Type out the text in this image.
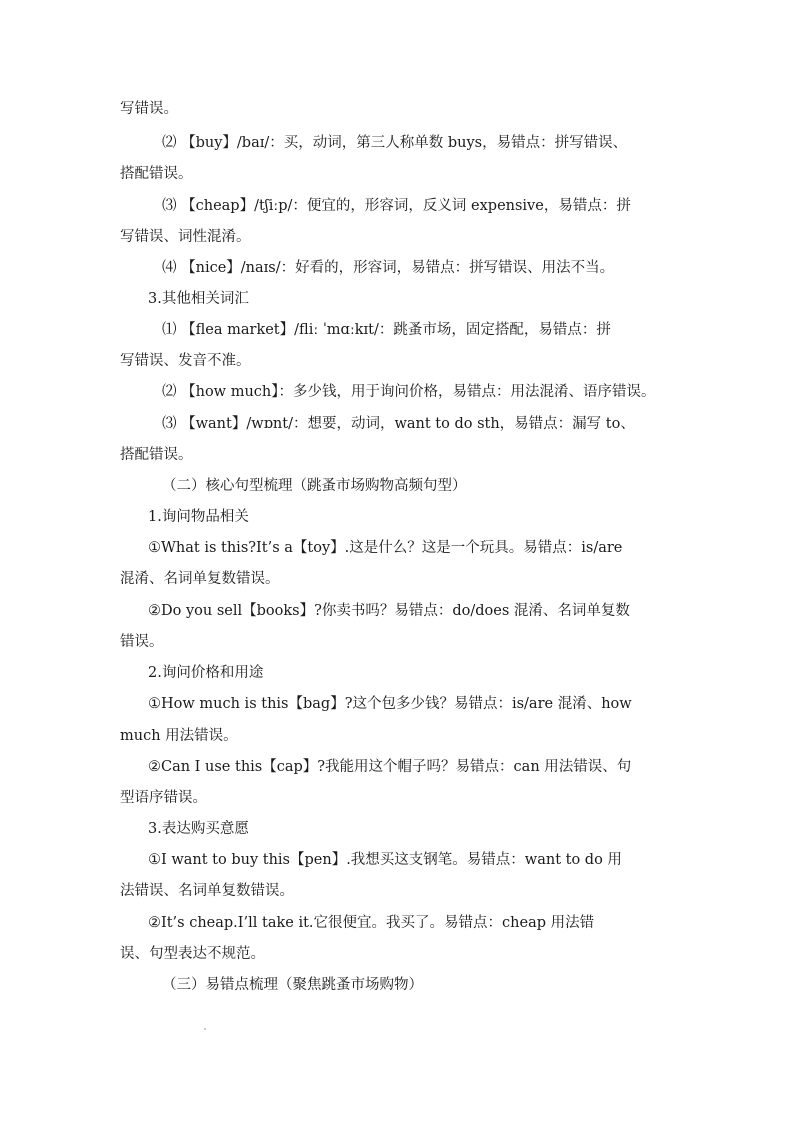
写错误。
⑵ 【buy】/baɪ/：买，动词，第三人称单数 buys，易错点：拼写错误、
搭配错误。
⑶ 【cheap】/tʃiːp/：便宜的，形容词，反义词 expensive，易错点：拼
写错误、词性混淆。
⑷ 【nice】/naɪs/：好看的，形容词，易错点：拼写错误、用法不当。
3.其他相关词汇
⑴ 【flea market】/fliː ˈmɑːkɪt/：跳蚤市场，固定搭配，易错点：拼
写错误、发音不准。
⑵ 【how much】：多少钱，用于询问价格，易错点：用法混淆、语序错误。
⑶ 【want】/wɒnt/：想要，动词，want to do sth，易错点：漏写 to、
搭配错误。
（二）核心句型梳理（跳蚤市场购物高频句型）
1.询问物品相关
①What is this?It’s a【toy】.这是什么？这是一个玩具。易错点：is/are
混淆、名词单复数错误。
②Do you sell【books】?你卖书吗？易错点：do/does 混淆、名词单复数
错误。
2.询问价格和用途
①How much is this【bag】?这个包多少钱？易错点：is/are 混淆、how
much 用法错误。
②Can I use this【cap】?我能用这个帽子吗？易错点：can 用法错误、句
型语序错误。
3.表达购买意愿
①I want to buy this【pen】.我想买这支钢笔。易错点：want to do 用
法错误、名词单复数错误。
②It’s cheap.I’ll take it.它很便宜。我买了。易错点：cheap 用法错
误、句型表达不规范。
（三）易错点梳理（聚焦跳蚤市场购物）
